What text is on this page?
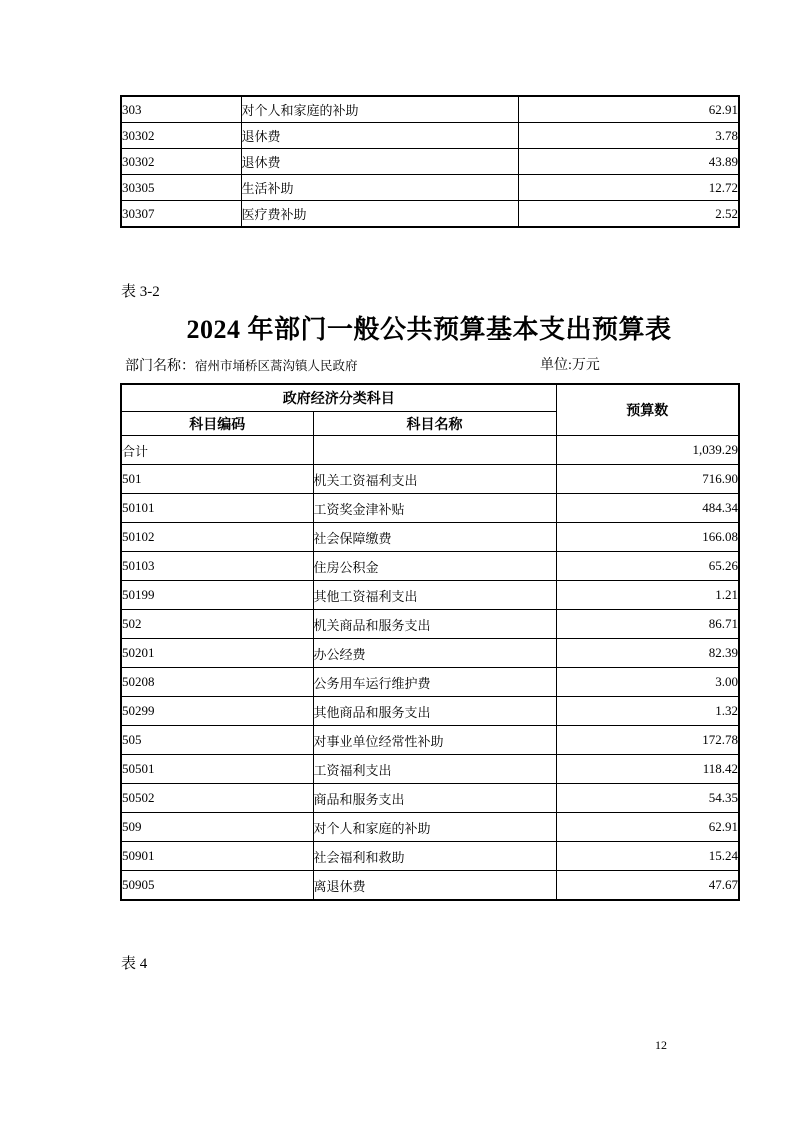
303	对个人和家庭的补助	62.91
30302	退休费	3.78
30302	退休费	43.89
30305	生活补助	12.72
30307	医疗费补助	2.52
表 3-2
2024 年部门一般公共预算基本支出预算表
部门名称：宿州市埇桥区蒿沟镇人民政府	单位:万元
政府经济分类科目		预算数
科目编码	科目名称	
合计		1,039.29
501	机关工资福利支出	716.90
50101	工资奖金津补贴	484.34
50102	社会保障缴费	166.08
50103	住房公积金	65.26
50199	其他工资福利支出	1.21
502	机关商品和服务支出	86.71
50201	办公经费	82.39
50208	公务用车运行维护费	3.00
50299	其他商品和服务支出	1.32
505	对事业单位经常性补助	172.78
50501	工资福利支出	118.42
50502	商品和服务支出	54.35
509	对个人和家庭的补助	62.91
50901	社会福利和救助	15.24
50905	离退休费	47.67
表 4
12
